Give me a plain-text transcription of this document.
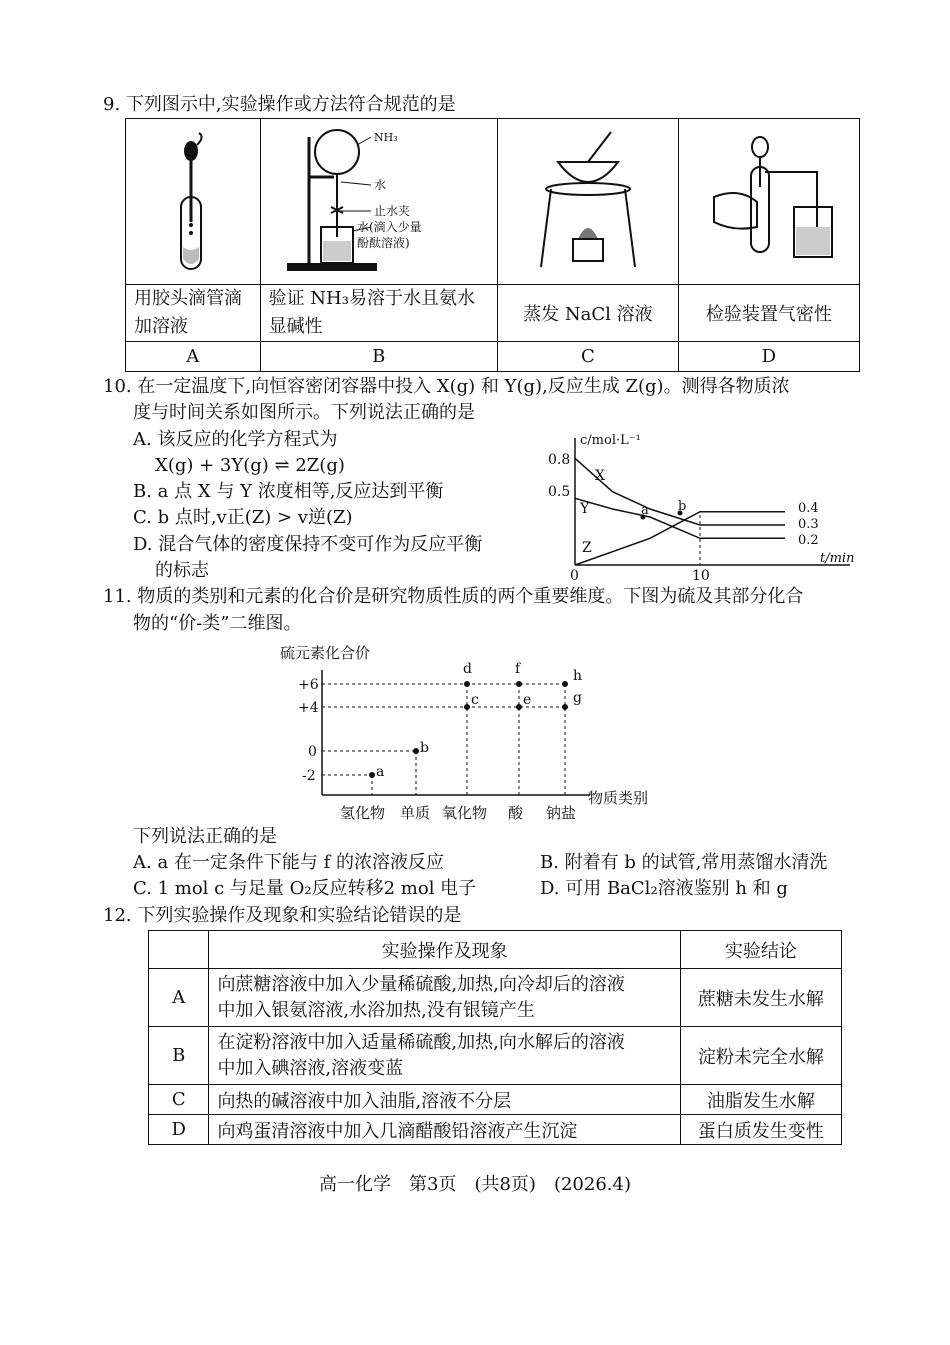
9. 下列图示中,实验操作或方法符合规范的是

NH₃
水
止水夹
水(滴入少量
酚酞溶液)

用胶头滴管滴加溶液	验证 NH₃易溶于水且氨水显碱性	蒸发 NaCl 溶液	检验装置气密性
A	B	C	D
10. 在一定温度下,向恒容密闭容器中投入 X(g) 和 Y(g),反应生成 Z(g)。测得各物质浓
度与时间关系如图所示。下列说法正确的是
A. 该反应的化学方程式为
X(g) + 3Y(g) ⇌ 2Z(g)
B. a 点 X 与 Y 浓度相等,反应达到平衡
C. b 点时,v正(Z) > v逆(Z)
D. 混合气体的密度保持不变可作为反应平衡
的标志
c/mol·L⁻¹
t/min
0.8
0.5
0	10
X
Y
Z
a b	0.4
0.3
0.2
11. 物质的类别和元素的化合价是研究物质性质的两个重要维度。下图为硫及其部分化合
物的“价-类”二维图。
硫元素化合价
物质类别
+6
+4
0
-2	a
b
c
d
e
f
g
h
氢化物 单质 氧化物 酸 钠盐
下列说法正确的是
A. a 在一定条件下能与 f 的浓溶液反应	B. 附着有 b 的试管,常用蒸馏水清洗
C. 1 mol c 与足量 O₂反应转移2 mol 电子	D. 可用 BaCl₂溶液鉴别 h 和 g
12. 下列实验操作及现象和实验结论错误的是
	实验操作及现象	实验结论
A	向蔗糖溶液中加入少量稀硫酸,加热,向冷却后的溶液
中加入银氨溶液,水浴加热,没有银镜产生	蔗糖未发生水解
B	在淀粉溶液中加入适量稀硫酸,加热,向水解后的溶液
中加入碘溶液,溶液变蓝	淀粉未完全水解
C	向热的碱溶液中加入油脂,溶液不分层	油脂发生水解
D	向鸡蛋清溶液中加入几滴醋酸铅溶液产生沉淀	蛋白质发生变性
高一化学　第3页　(共8页)　(2026.4)
